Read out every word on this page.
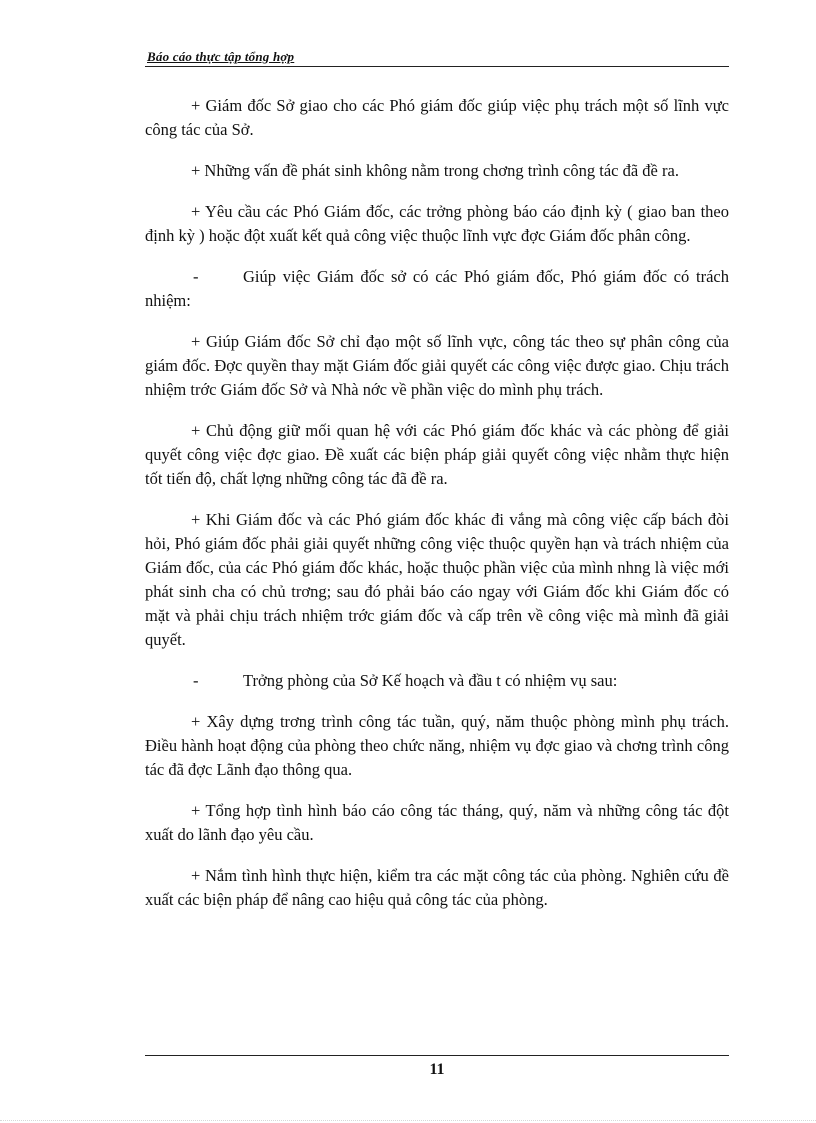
Báo cáo thực tập tổng hợp

+ Giám đốc Sở giao cho các Phó giám đốc giúp việc phụ trách một số lĩnh vực công tác của Sở.

+ Những vấn đề phát sinh không nằm trong chơng trình công tác đã đề ra.

+ Yêu cầu các Phó Giám đốc, các trởng phòng báo cáo định kỳ ( giao ban theo định kỳ ) hoặc đột xuất kết quả công việc thuộc lĩnh vực đợc Giám đốc phân công.

-	Giúp việc Giám đốc sở có các Phó giám đốc, Phó giám đốc có trách nhiệm:

+ Giúp Giám đốc Sở chỉ đạo một số lĩnh vực, công tác theo sự phân công của giám đốc. Đợc quyền thay mặt Giám đốc giải quyết các công việc được giao. Chịu trách nhiệm trớc Giám đốc Sở và Nhà nớc về phần việc do mình phụ trách.

+ Chủ động giữ mối quan hệ với các Phó giám đốc khác và các phòng để giải quyết công việc đợc giao. Đề xuất các biện pháp giải quyết công việc nhằm thực hiện tốt tiến độ, chất lợng những công tác đã đề ra.

+ Khi Giám đốc và các Phó giám đốc khác đi vắng mà công việc cấp bách đòi hỏi, Phó giám đốc phải giải quyết những công việc thuộc quyền hạn và trách nhiệm của Giám đốc, của các Phó giám đốc khác, hoặc thuộc phần việc của mình nhng là việc mới phát sinh cha có chủ trơng; sau đó phải báo cáo ngay với Giám đốc khi Giám đốc có mặt và phải chịu trách nhiệm trớc giám đốc và cấp trên về công việc mà mình đã giải quyết.

-	Trởng phòng của Sở Kế hoạch và đầu t có nhiệm vụ sau:

+ Xây dựng trơng trình công tác tuần, quý, năm thuộc phòng mình phụ trách. Điều hành hoạt động của phòng theo chức năng, nhiệm vụ đợc giao và chơng trình công tác đã đợc Lãnh đạo thông qua.

+ Tổng hợp tình hình báo cáo công tác tháng, quý, năm và những công tác đột xuất do lãnh đạo yêu cầu.

+ Nắm tình hình thực hiện, kiểm tra các mặt công tác của phòng. Nghiên cứu đề xuất các biện pháp để nâng cao hiệu quả công tác của phòng.

11
